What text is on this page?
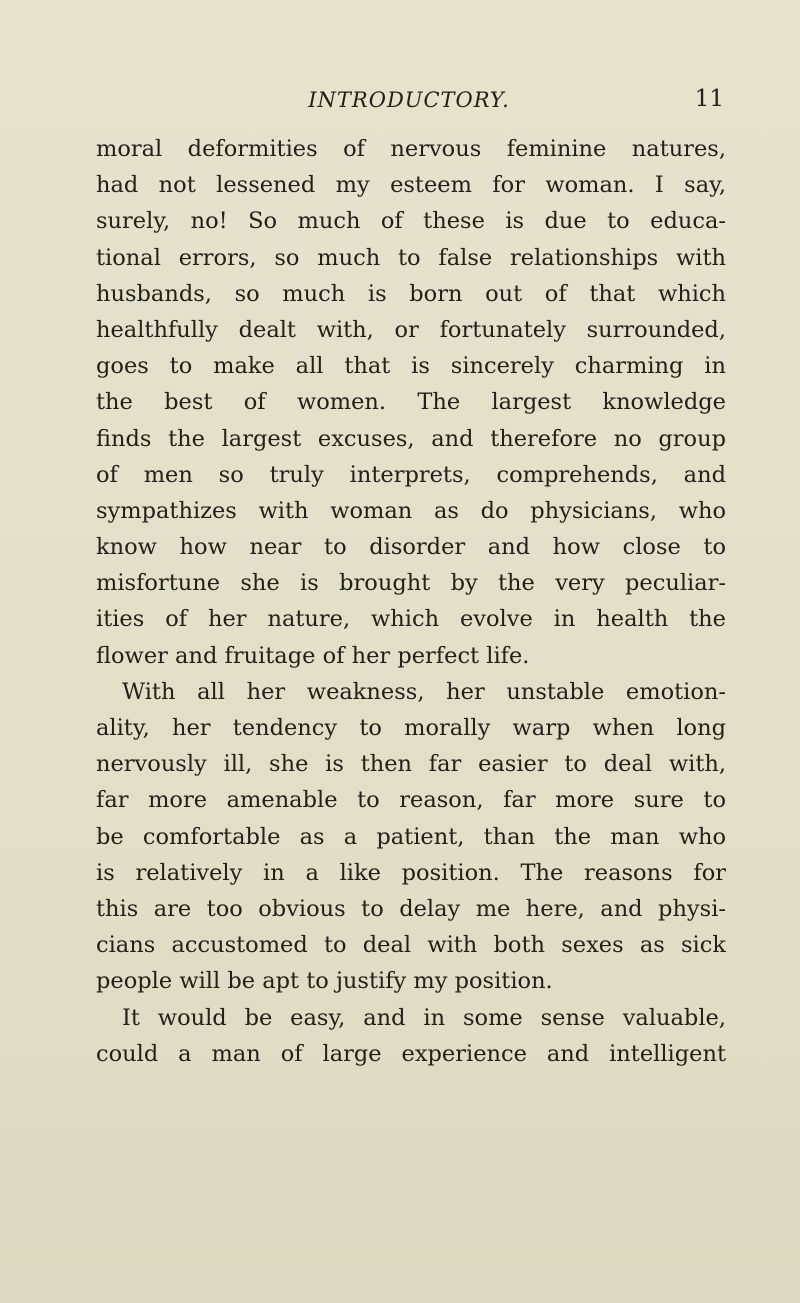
INTRODUCTORY.	11
moral deformities of nervous feminine natures,
had not lessened my esteem for woman. I say,
surely, no! So much of these is due to educa-
tional errors, so much to false relationships with
husbands, so much is born out of that which
healthfully dealt with, or fortunately surrounded,
goes to make all that is sincerely charming in
the best of women. The largest knowledge
finds the largest excuses, and therefore no group
of men so truly interprets, comprehends, and
sympathizes with woman as do physicians, who
know how near to disorder and how close to
misfortune she is brought by the very peculiar-
ities of her nature, which evolve in health the
flower and fruitage of her perfect life.
With all her weakness, her unstable emotion-
ality, her tendency to morally warp when long
nervously ill, she is then far easier to deal with,
far more amenable to reason, far more sure to
be comfortable as a patient, than the man who
is relatively in a like position. The reasons for
this are too obvious to delay me here, and physi-
cians accustomed to deal with both sexes as sick
people will be apt to justify my position.
It would be easy, and in some sense valuable,
could a man of large experience and intelligent
